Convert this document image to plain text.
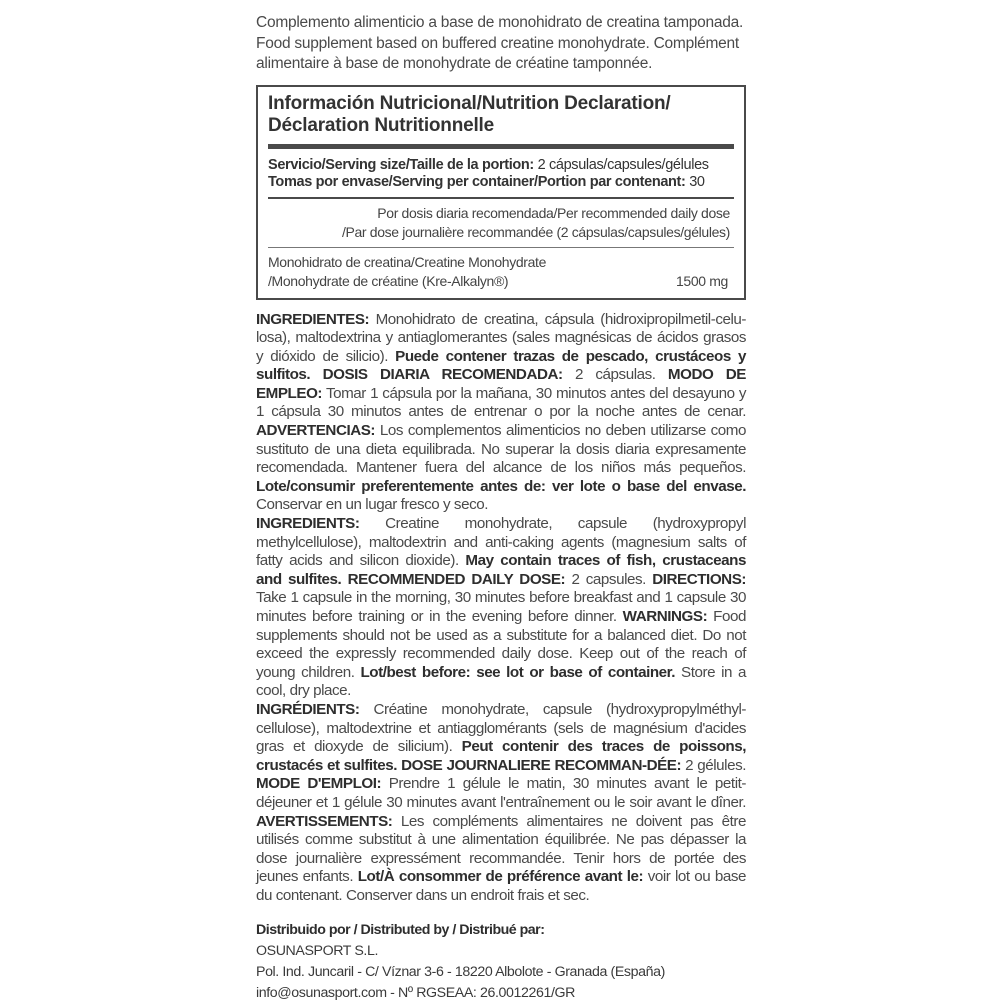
Complemento alimenticio a base de monohidrato de creatina tamponada. Food supplement based on buffered creatine monohydrate. Complément alimentaire à base de monohydrate de créatine tamponnée.
Información Nutricional/Nutrition Declaration/
Déclaration Nutritionnelle
Servicio/Serving size/Taille de la portion: 2 cápsulas/capsules/gélules
Tomas por envase/Serving per container/Portion par contenant: 30
Por dosis diaria recomendada/Per recommended daily dose
/Par dose journalière recommandée (2 cápsulas/capsules/gélules)
Monohidrato de creatina/Creatine Monohydrate
/Monohydrate de créatine (Kre-Alkalyn®)	1500 mg
INGREDIENTES: Monohidrato de creatina, cápsula (hidroxipropilmetil-celu- losa), maltodextrina y antiaglomerantes (sales magnésicas de ácidos grasos y dióxido de silicio). Puede contener trazas de pescado, crustáceos y sulfitos. DOSIS DIARIA RECOMENDADA: 2 cápsulas. MODO DE EMPLEO: Tomar 1 cápsula por la mañana, 30 minutos antes del desayuno y 1 cápsula 30 minutos antes de entrenar o por la noche antes de cenar. ADVERTENCIAS: Los complementos alimenticios no deben utilizarse como sustituto de una dieta equilibrada. No superar la dosis diaria expresamente recomendada. Mantener fuera del alcance de los niños más pequeños. Lote/consumir preferentemente antes de: ver lote o base del envase. Conservar en un lugar fresco y seco.
INGREDIENTS: Creatine monohydrate, capsule (hydroxypropyl methylcellulose), maltodextrin and anti-caking agents (magnesium salts of fatty acids and silicon dioxide). May contain traces of fish, crustaceans and sulfites. RECOMMENDED DAILY DOSE: 2 capsules. DIRECTIONS: Take 1 capsule in the morning, 30 minutes before breakfast and 1 capsule 30 minutes before training or in the evening before dinner. WARNINGS: Food supplements should not be used as a substitute for a balanced diet. Do not exceed the expressly recommended daily dose. Keep out of the reach of young children. Lot/best before: see lot or base of container. Store in a cool, dry place.
INGRÉDIENTS: Créatine monohydrate, capsule (hydroxypropylméthyl-cellulose), maltodextrine et antiagglomérants (sels de magnésium d'acides gras et dioxyde de silicium). Peut contenir des traces de poissons, crustacés et sulfites. DOSE JOURNALIERE RECOMMAN-DÉE: 2 gélules. MODE D'EMPLOI: Prendre 1 gélule le matin, 30 minutes avant le petit-déjeuner et 1 gélule 30 minutes avant l'entraînement ou le soir avant le dîner. AVERTISSEMENTS: Les compléments alimentaires ne doivent pas être utilisés comme substitut à une alimentation équilibrée. Ne pas dépasser la dose journalière expressément recommandée. Tenir hors de portée des jeunes enfants. Lot/À consommer de préférence avant le: voir lot ou base du contenant. Conserver dans un endroit frais et sec.
Distribuido por / Distributed by / Distribué par:
OSUNASPORT S.L.
Pol. Ind. Juncaril - C/ Víznar 3-6 - 18220 Albolote - Granada (España)
info@osunasport.com - Nº RGSEAA: 26.0012261/GR
